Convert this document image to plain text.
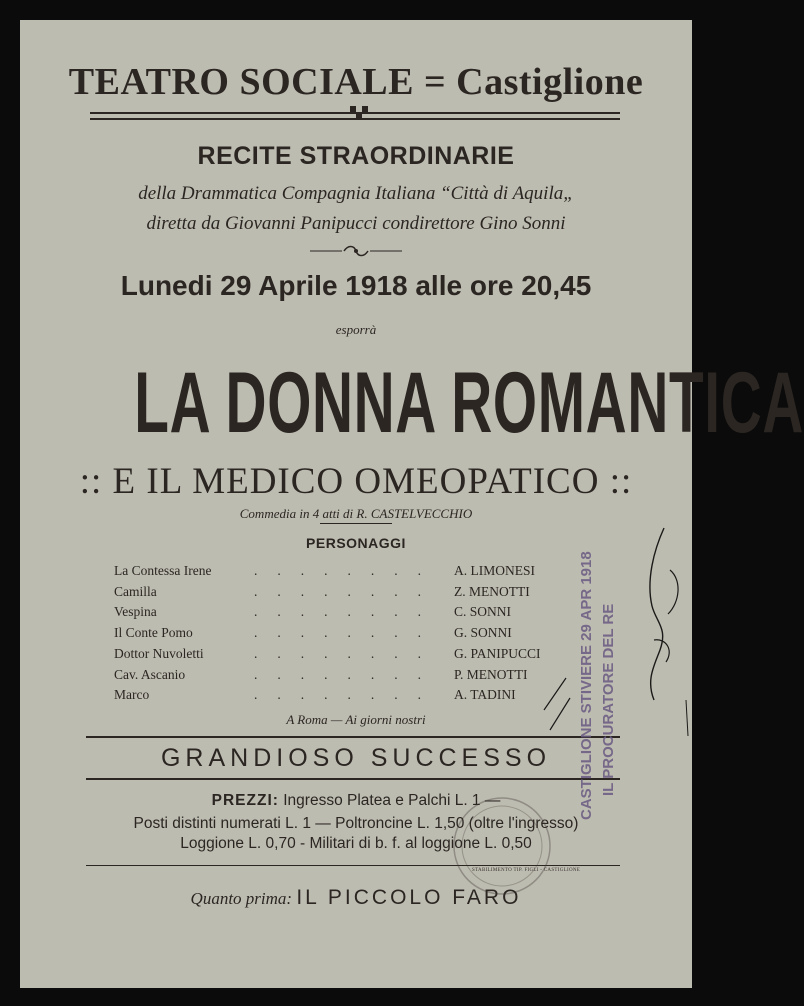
TEATRO SOCIALE = Castiglione
RECITE STRAORDINARIE
della Drammatica Compagnia Italiana “Città di Aquila„
diretta da Giovanni Panipucci condirettore Gino Sonni
Lunedi 29 Aprile 1918 alle ore 20,45
esporrà
LA DONNA ROMANTICA
:: E IL MEDICO OMEOPATICO ::
Commedia in 4 atti di R. CASTELVECCHIO
PERSONAGGI
La Contessa Irene	........ A. LIMONESI
Camilla	........ Z. MENOTTI
Vespina	........ C. SONNI
Il Conte Pomo	........ G. SONNI
Dottor Nuvoletti	........ G. PANIPUCCI
Cav. Ascanio	........ P. MENOTTI
Marco	........ A. TADINI
A Roma — Ai giorni nostri
GRANDIOSO SUCCESSO
PREZZI: Ingresso Platea e Palchi L. 1 —
Posti distinti numerati L. 1 — Poltroncine L. 1,50 (oltre l'ingresso)
Loggione L. 0,70 - Militari di b. f. al loggione L. 0,50
STABILIMENTO TIP. FIGLI - CASTIGLIONE
Quanto prima: IL PICCOLO FARO
CASTIGLIONE STIVIERE 29 APR 1918 IL PROCURATORE DEL RE
